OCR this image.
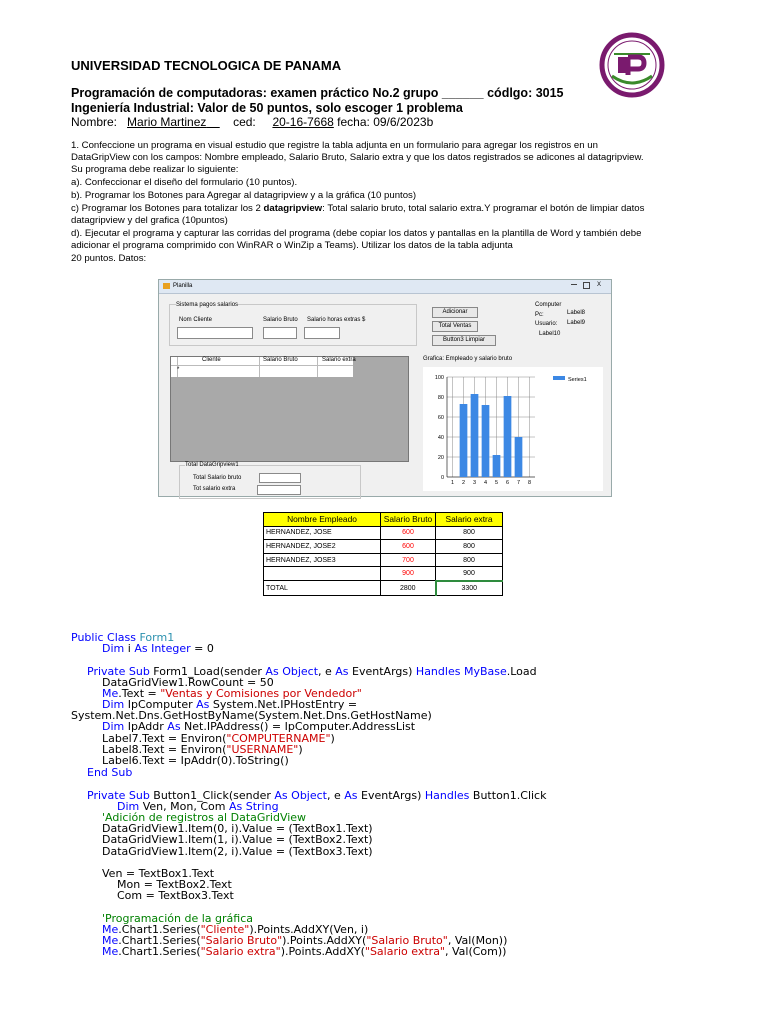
UNIVERSIDAD TECNOLOGICA DE PANAMA
Programación de computadoras: examen práctico No.2 grupo ______ códlgo: 3015
Ingeniería Industrial: Valor de 50 puntos, solo escoger 1 problema
Nombre: Mario Martinez ced: 20-16-7668 fecha: 09/6/2023b
1. Confeccione un programa en visual estudio que registre la tabla adjunta en un formulario para agregar los registros en un
DataGripView con los campos: Nombre empleado, Salario Bruto, Salario extra y que los datos registrados se adicones al datagripview.
Su programa debe realizar lo siguiente:
a). Confeccionar el diseño del formulario (10 puntos).
b). Programar los Botones para Agregar al datagripview y a la gráfica (10 puntos)
c) Programar los Botones para totalizar los 2 datagripview: Total salario bruto, total salario extra.Y programar el botón de limpiar datos
datagripview y del grafica (10puntos)
d). Ejecutar el programa y capturar las corridas del programa (debe copiar los datos y pantallas en la plantilla de Word y también debe
adicionar el programa comprimido con WinRAR o WinZip a Teams). Utilizar los datos de la tabla adjunta
20 puntos. Datos:
Planilla	X
Sistema pagos salarios
Nom Cliente	Salario Bruto Salario horas extras $
Adicionar
Total Ventas
Button3 Limpiar
Computer
Pc:	Label8
Usuario: Label9
Label10
Cliente	Salario Bruto	Salario extra
*
Grafica: Empleado y salario bruto
0
20
40
60
80
100
1 2 3 4 5 6 7 8
Series1
Total DataGripview1
Total Salario bruto
Tot salario extra
Nombre Empleado	Salario Bruto	Salario extra
HERNANDEZ, JOSE	600	800
HERNANDEZ, JOSE2	600	800
HERNANDEZ, JOSE3	700	800
	900	900
TOTAL	2800	3300
Public Class Form1
Dim i As Integer = 0
Private Sub Form1_Load(sender As Object, e As EventArgs) Handles MyBase.Load
DataGridView1.RowCount = 50
Me.Text = "Ventas y Comisiones por Vendedor"
Dim IpComputer As System.Net.IPHostEntry =
System.Net.Dns.GetHostByName(System.Net.Dns.GetHostName)
Dim IpAddr As Net.IPAddress() = IpComputer.AddressList
Label7.Text = Environ("COMPUTERNAME")
Label8.Text = Environ("USERNAME")
Label6.Text = IpAddr(0).ToString()
End Sub
Private Sub Button1_Click(sender As Object, e As EventArgs) Handles Button1.Click
Dim Ven, Mon, Com As String
'Adición de registros al DataGridView
DataGridView1.Item(0, i).Value = (TextBox1.Text)
DataGridView1.Item(1, i).Value = (TextBox2.Text)
DataGridView1.Item(2, i).Value = (TextBox3.Text)
Ven = TextBox1.Text
Mon = TextBox2.Text
Com = TextBox3.Text
'Programación de la gráfica
Me.Chart1.Series("Cliente").Points.AddXY(Ven, i)
Me.Chart1.Series("Salario Bruto").Points.AddXY("Salario Bruto", Val(Mon))
Me.Chart1.Series("Salario extra").Points.AddXY("Salario extra", Val(Com))
